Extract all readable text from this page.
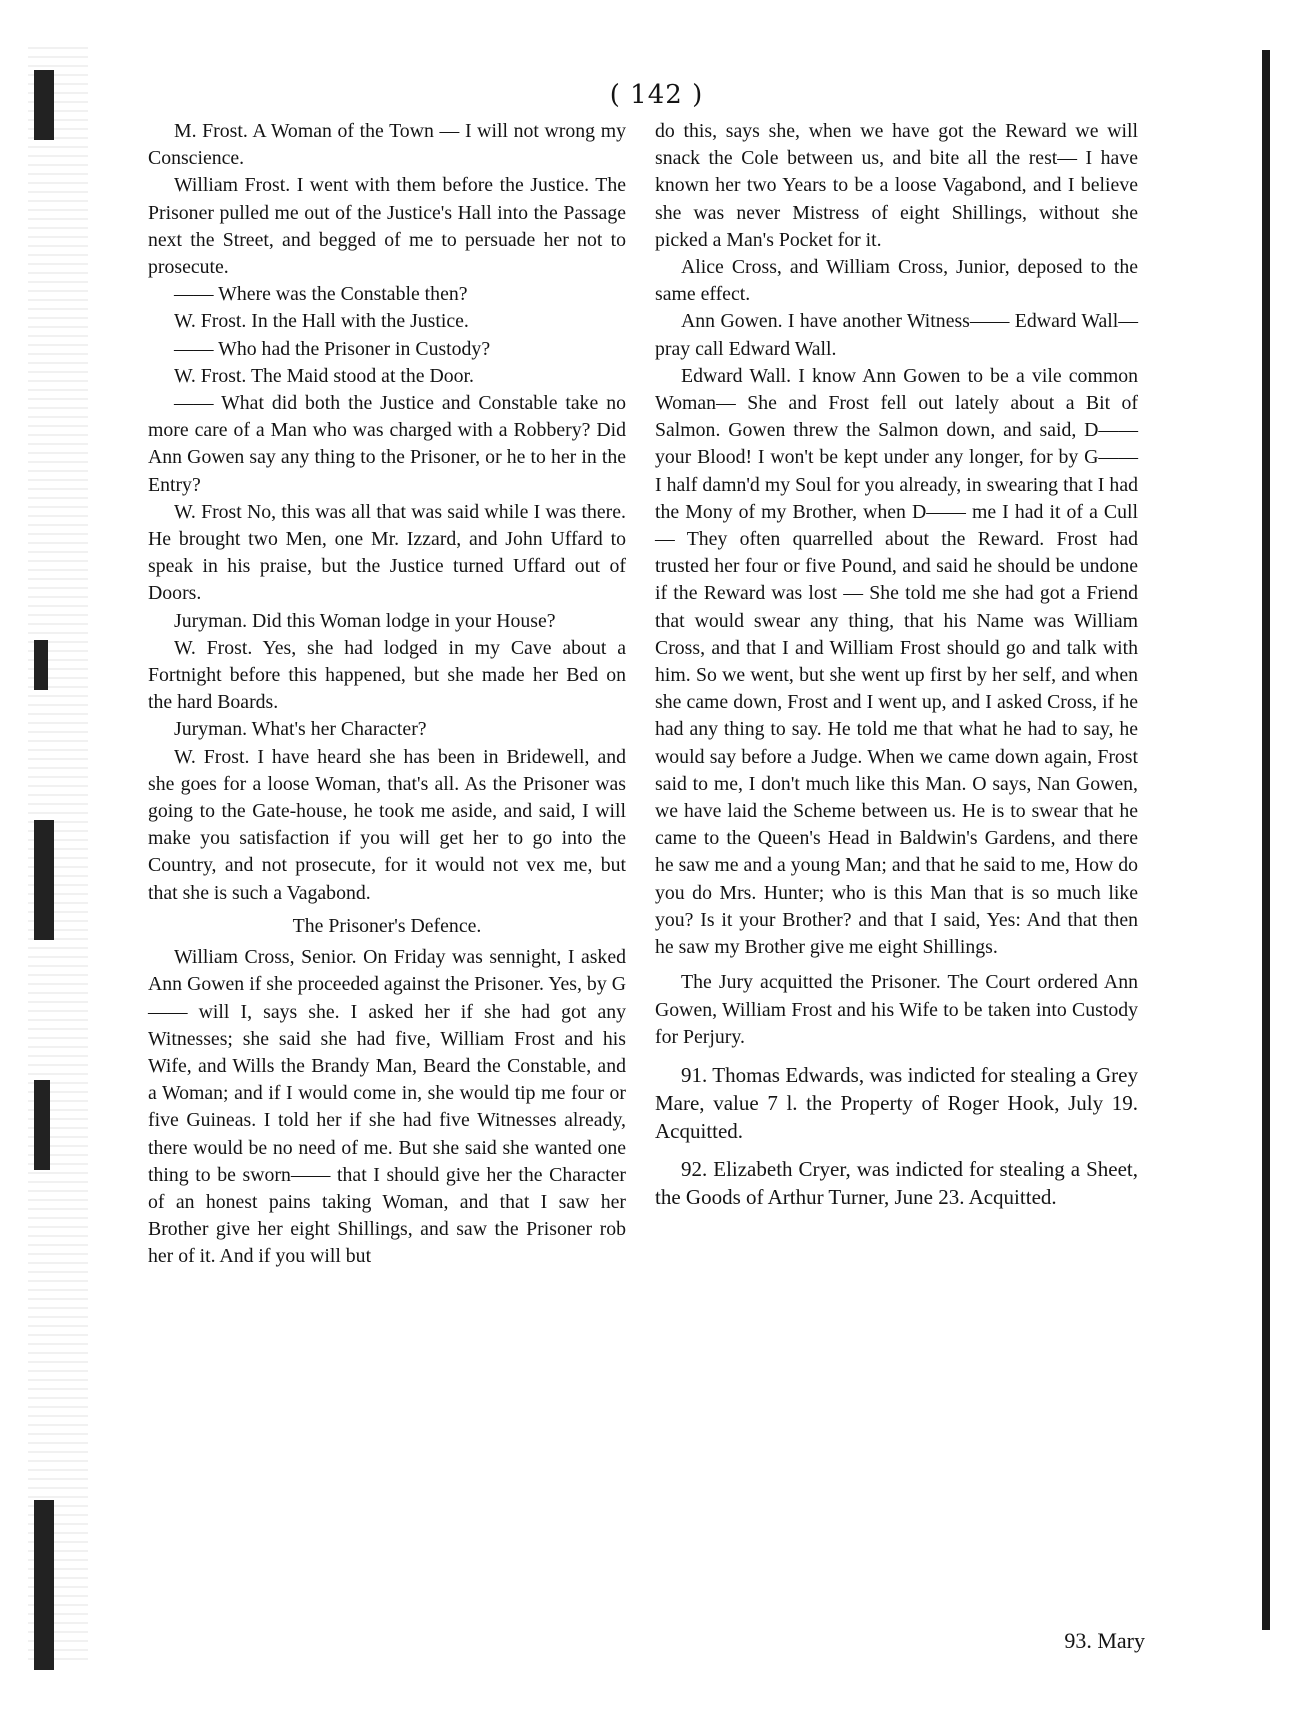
( 142 )

M. Frost. A Woman of the Town — I will not wrong my Conscience.

William Frost. I went with them before the Justice. The Prisoner pulled me out of the Justice's Hall into the Passage next the Street, and begged of me to persuade her not to prosecute.

—— Where was the Constable then?

W. Frost. In the Hall with the Justice.

—— Who had the Prisoner in Custody?

W. Frost. The Maid stood at the Door.

—— What did both the Justice and Constable take no more care of a Man who was charged with a Robbery? Did Ann Gowen say any thing to the Prisoner, or he to her in the Entry?

W. Frost No, this was all that was said while I was there. He brought two Men, one Mr. Izzard, and John Uffard to speak in his praise, but the Justice turned Uffard out of Doors.

Juryman. Did this Woman lodge in your House?

W. Frost. Yes, she had lodged in my Cave about a Fortnight before this happened, but she made her Bed on the hard Boards.

Juryman. What's her Character?

W. Frost. I have heard she has been in Bridewell, and she goes for a loose Woman, that's all. As the Prisoner was going to the Gate-house, he took me aside, and said, I will make you satisfaction if you will get her to go into the Country, and not prosecute, for it would not vex me, but that she is such a Vagabond.

The Prisoner's Defence.

William Cross, Senior. On Friday was sennight, I asked Ann Gowen if she proceeded against the Prisoner. Yes, by G—— will I, says she. I asked her if she had got any Witnesses; she said she had five, William Frost and his Wife, and Wills the Brandy Man, Beard the Constable, and a Woman; and if I would come in, she would tip me four or five Guineas. I told her if she had five Witnesses already, there would be no need of me. But she said she wanted one thing to be sworn—— that I should give her the Character of an honest pains taking Woman, and that I saw her Brother give her eight Shillings, and saw the Prisoner rob her of it. And if you will but

do this, says she, when we have got the Reward we will snack the Cole between us, and bite all the rest— I have known her two Years to be a loose Vagabond, and I believe she was never Mistress of eight Shillings, without she picked a Man's Pocket for it.

Alice Cross, and William Cross, Junior, deposed to the same effect.

Ann Gowen. I have another Witness—— Edward Wall— pray call Edward Wall.

Edward Wall. I know Ann Gowen to be a vile common Woman— She and Frost fell out lately about a Bit of Salmon. Gowen threw the Salmon down, and said, D—— your Blood! I won't be kept under any longer, for by G—— I half damn'd my Soul for you already, in swearing that I had the Mony of my Brother, when D—— me I had it of a Cull— They often quarrelled about the Reward. Frost had trusted her four or five Pound, and said he should be undone if the Reward was lost — She told me she had got a Friend that would swear any thing, that his Name was William Cross, and that I and William Frost should go and talk with him. So we went, but she went up first by her self, and when she came down, Frost and I went up, and I asked Cross, if he had any thing to say. He told me that what he had to say, he would say before a Judge. When we came down again, Frost said to me, I don't much like this Man. O says, Nan Gowen, we have laid the Scheme between us. He is to swear that he came to the Queen's Head in Baldwin's Gardens, and there he saw me and a young Man; and that he said to me, How do you do Mrs. Hunter; who is this Man that is so much like you? Is it your Brother? and that I said, Yes: And that then he saw my Brother give me eight Shillings.

The Jury acquitted the Prisoner. The Court ordered Ann Gowen, William Frost and his Wife to be taken into Custody for Perjury.

91. Thomas Edwards, was indicted for stealing a Grey Mare, value 7 l. the Property of Roger Hook, July 19. Acquitted.

92. Elizabeth Cryer, was indicted for stealing a Sheet, the Goods of Arthur Turner, June 23. Acquitted.

93. Mary
